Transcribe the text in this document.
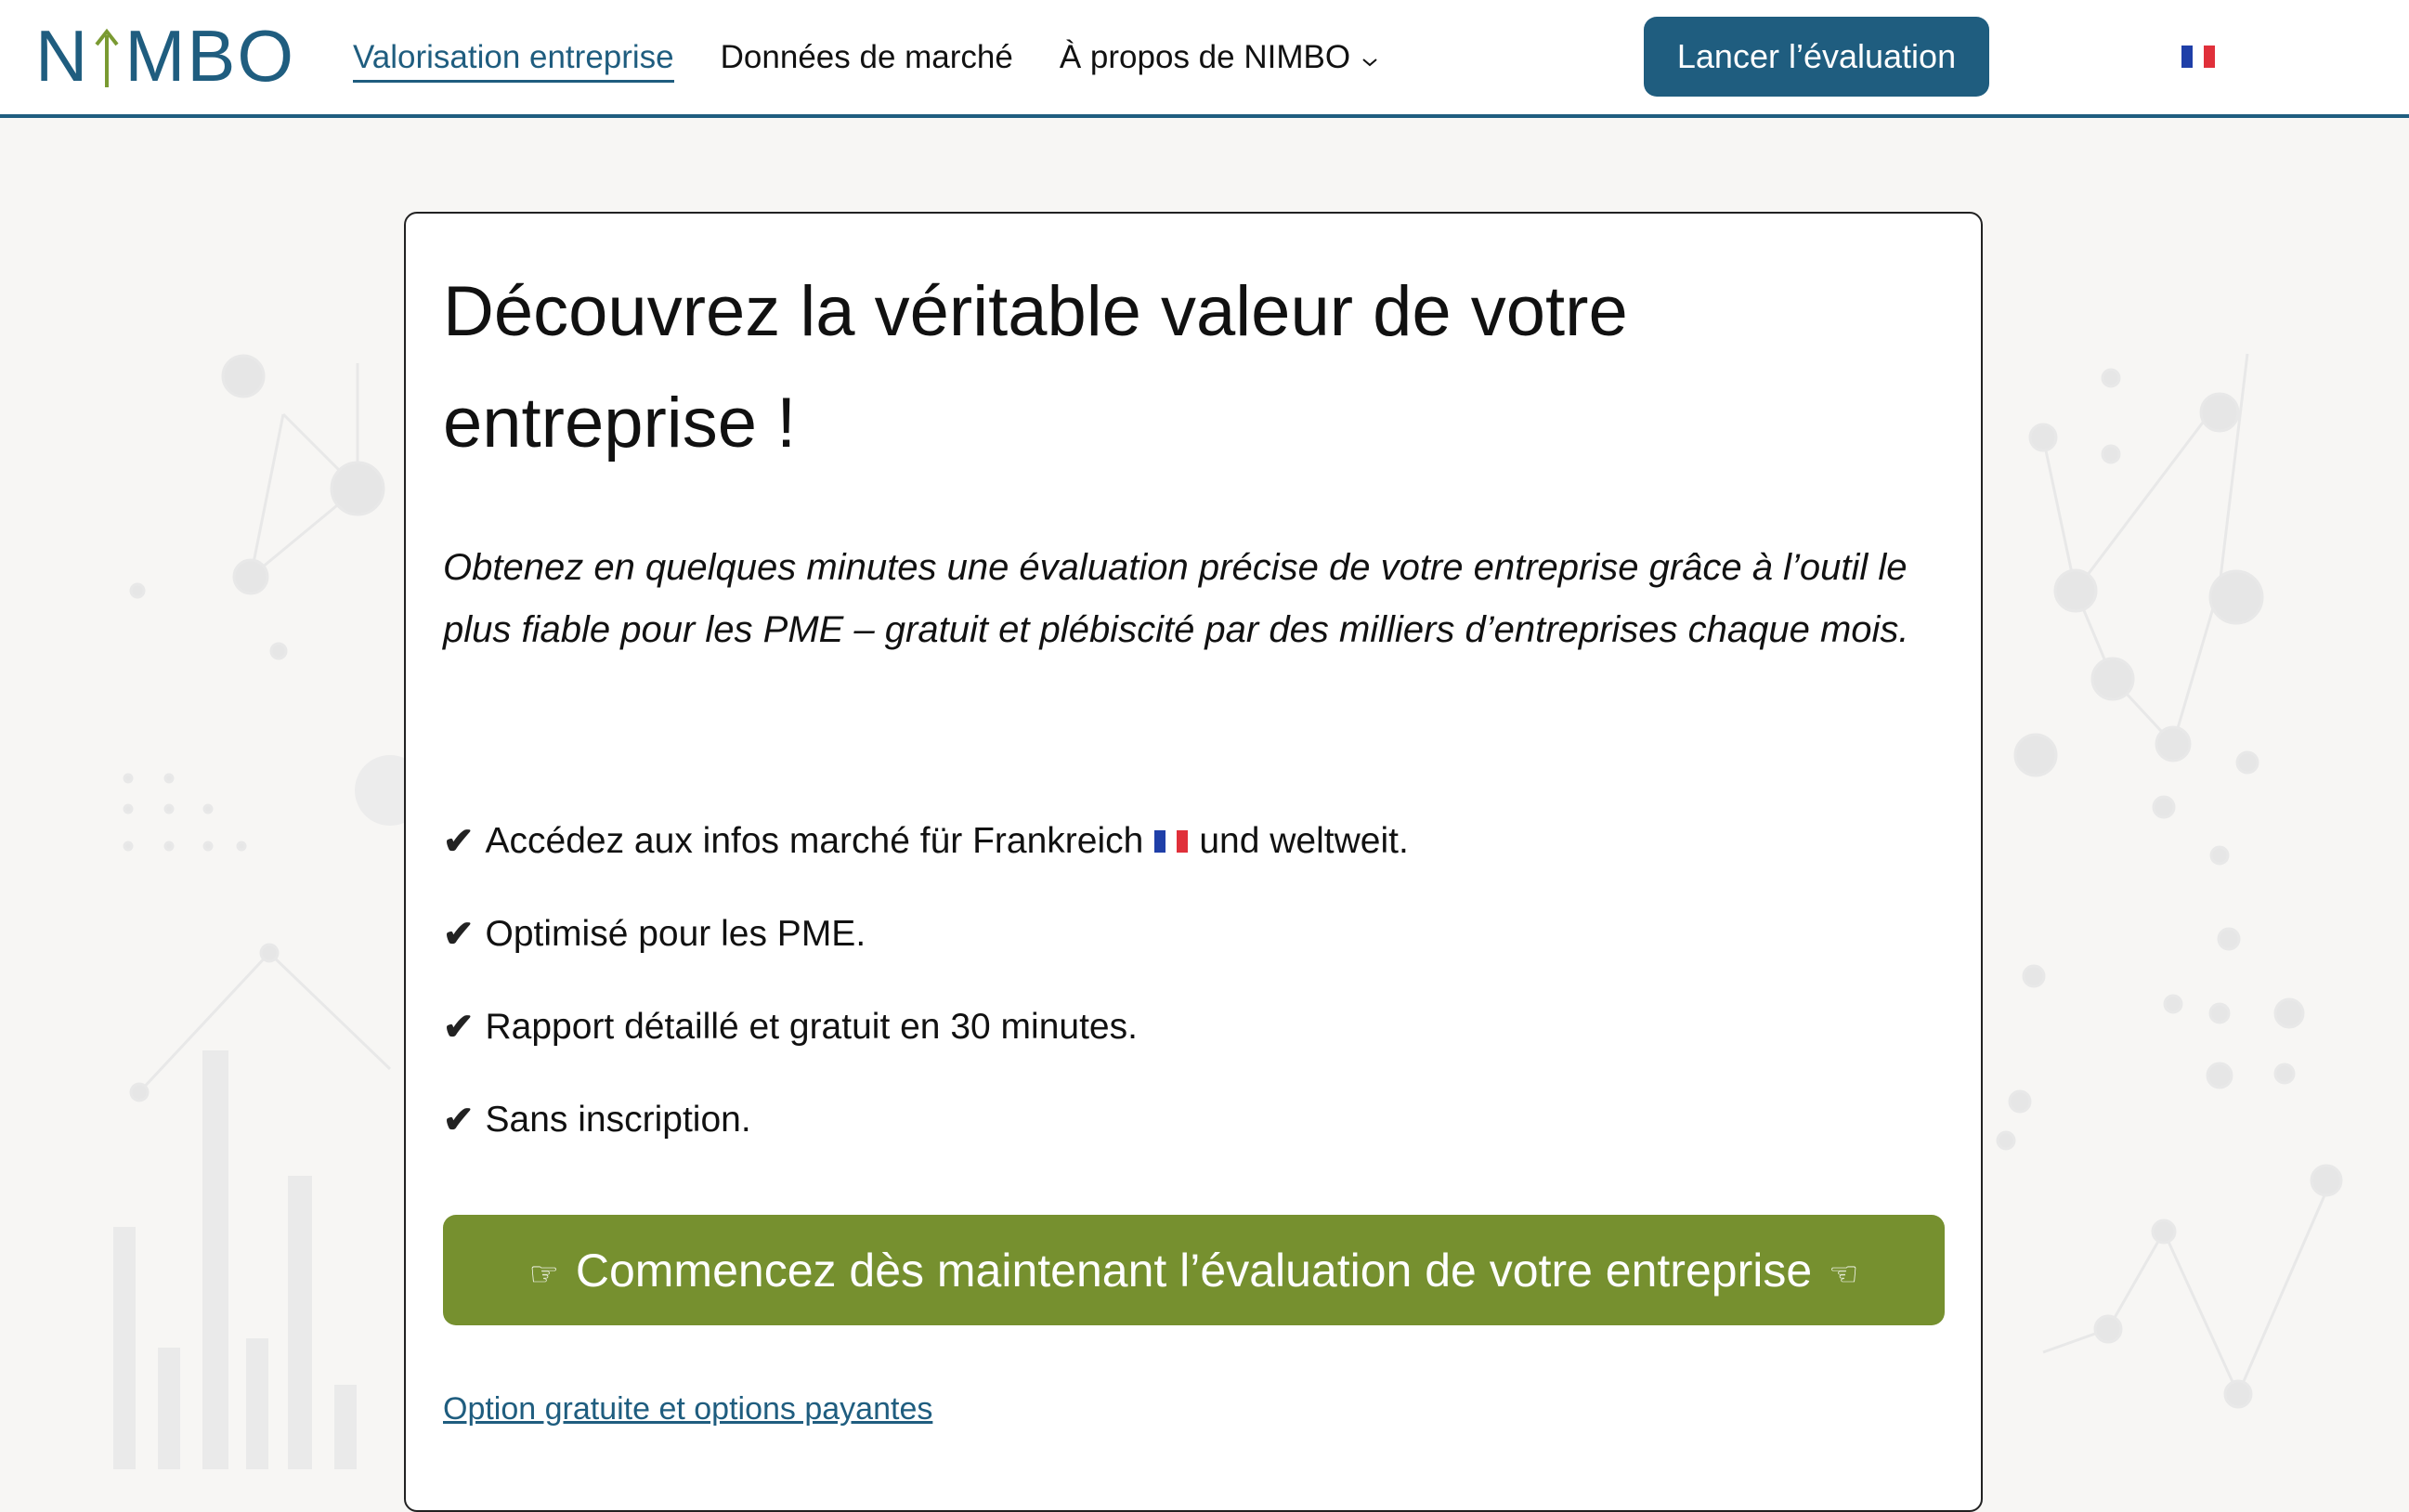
N MBO Valorisation entreprise Données de marché À propos de NIMBO	Lancer l’évaluation
Découvrez la véritable valeur de votre entreprise !

Obtenez en quelques minutes une évaluation précise de votre entreprise grâce à l’outil le plus fiable pour les PME – gratuit et plébiscité par des milliers d’entreprises chaque mois.

✔ Accédez aux infos marché für Frankreich und weltweit.
✔ Optimisé pour les PME.
✔ Rapport détaillé et gratuit en 30 minutes.
✔ Sans inscription.
☞ Commencez dès maintenant l’évaluation de votre entreprise ☜
Option gratuite et options payantes
